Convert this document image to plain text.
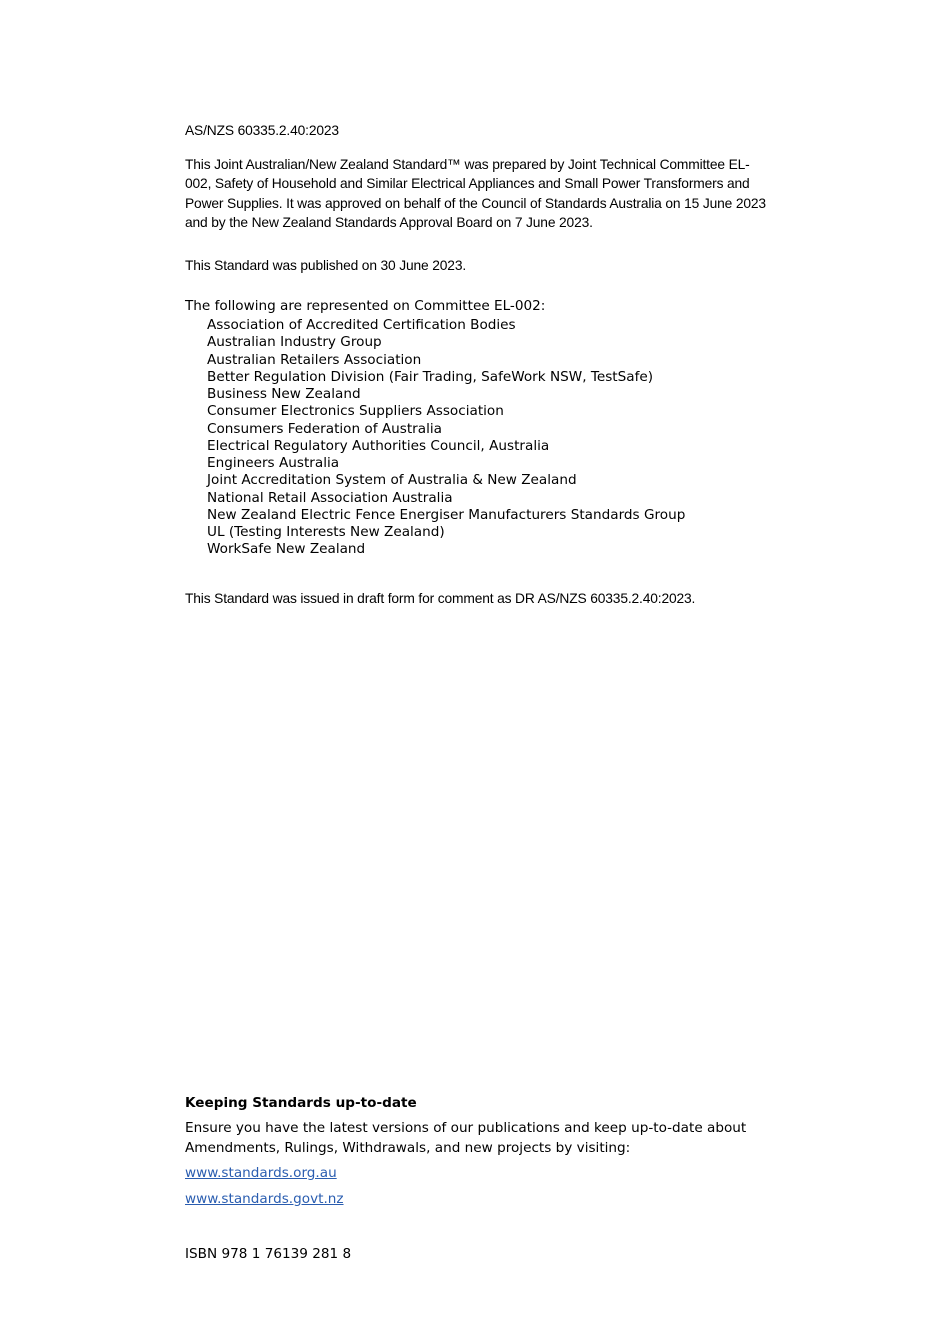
AS/NZS 60335.2.40:2023

This Joint Australian/New Zealand Standard™ was prepared by Joint Technical Committee EL-002, Safety of Household and Similar Electrical Appliances and Small Power Transformers and Power Supplies. It was approved on behalf of the Council of Standards Australia on 15 June 2023 and by the New Zealand Standards Approval Board on 7 June 2023.

This Standard was published on 30 June 2023.

The following are represented on Committee EL-002:

Association of Accredited Certification Bodies
Australian Industry Group
Australian Retailers Association
Better Regulation Division (Fair Trading, SafeWork NSW, TestSafe)
Business New Zealand
Consumer Electronics Suppliers Association
Consumers Federation of Australia
Electrical Regulatory Authorities Council, Australia
Engineers Australia
Joint Accreditation System of Australia & New Zealand
National Retail Association Australia
New Zealand Electric Fence Energiser Manufacturers Standards Group
UL (Testing Interests New Zealand)
WorkSafe New Zealand

This Standard was issued in draft form for comment as DR AS/NZS 60335.2.40:2023.

Keeping Standards up-to-date

Ensure you have the latest versions of our publications and keep up-to-date about Amendments, Rulings, Withdrawals, and new projects by visiting:

www.standards.org.au

www.standards.govt.nz

ISBN 978 1 76139 281 8
